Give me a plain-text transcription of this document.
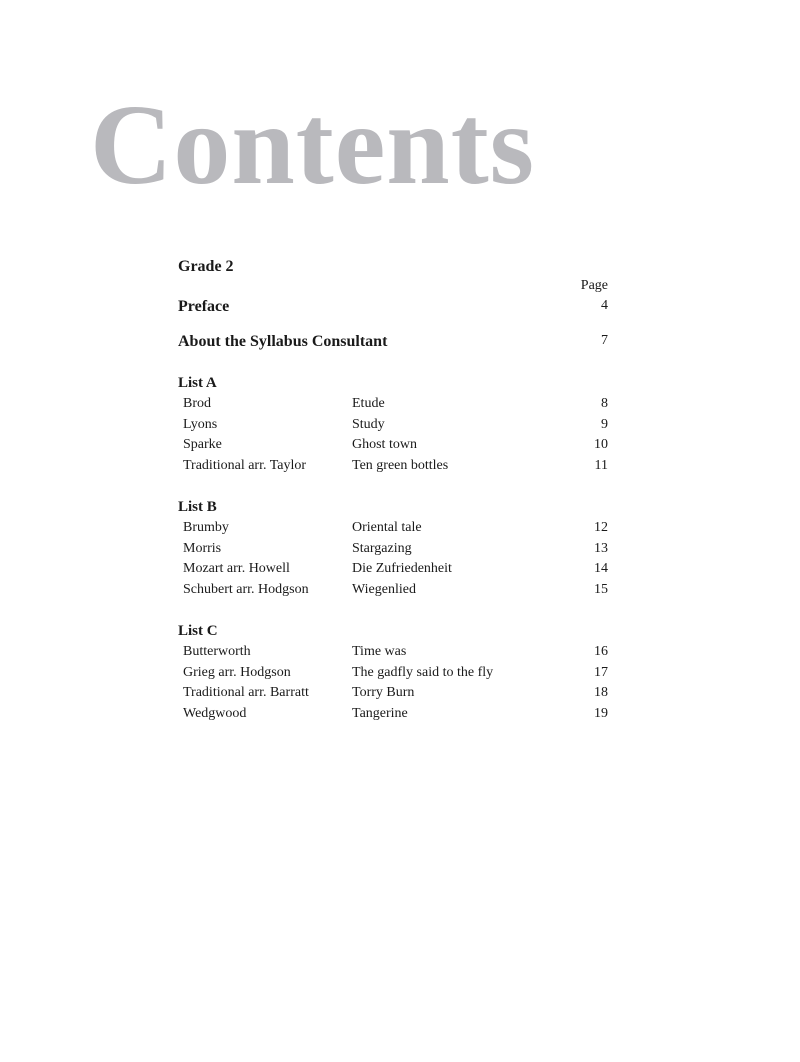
Contents
Grade 2
Page
Preface	4
About the Syllabus Consultant	7
List A
Brod	Etude	8
Lyons	Study	9
Sparke	Ghost town	10
Traditional arr. Taylor	Ten green bottles	11
List B
Brumby	Oriental tale	12
Morris	Stargazing	13
Mozart arr. Howell	Die Zufriedenheit	14
Schubert arr. Hodgson	Wiegenlied	15
List C
Butterworth	Time was	16
Grieg arr. Hodgson	The gadfly said to the fly	17
Traditional arr. Barratt	Torry Burn	18
Wedgwood	Tangerine	19
